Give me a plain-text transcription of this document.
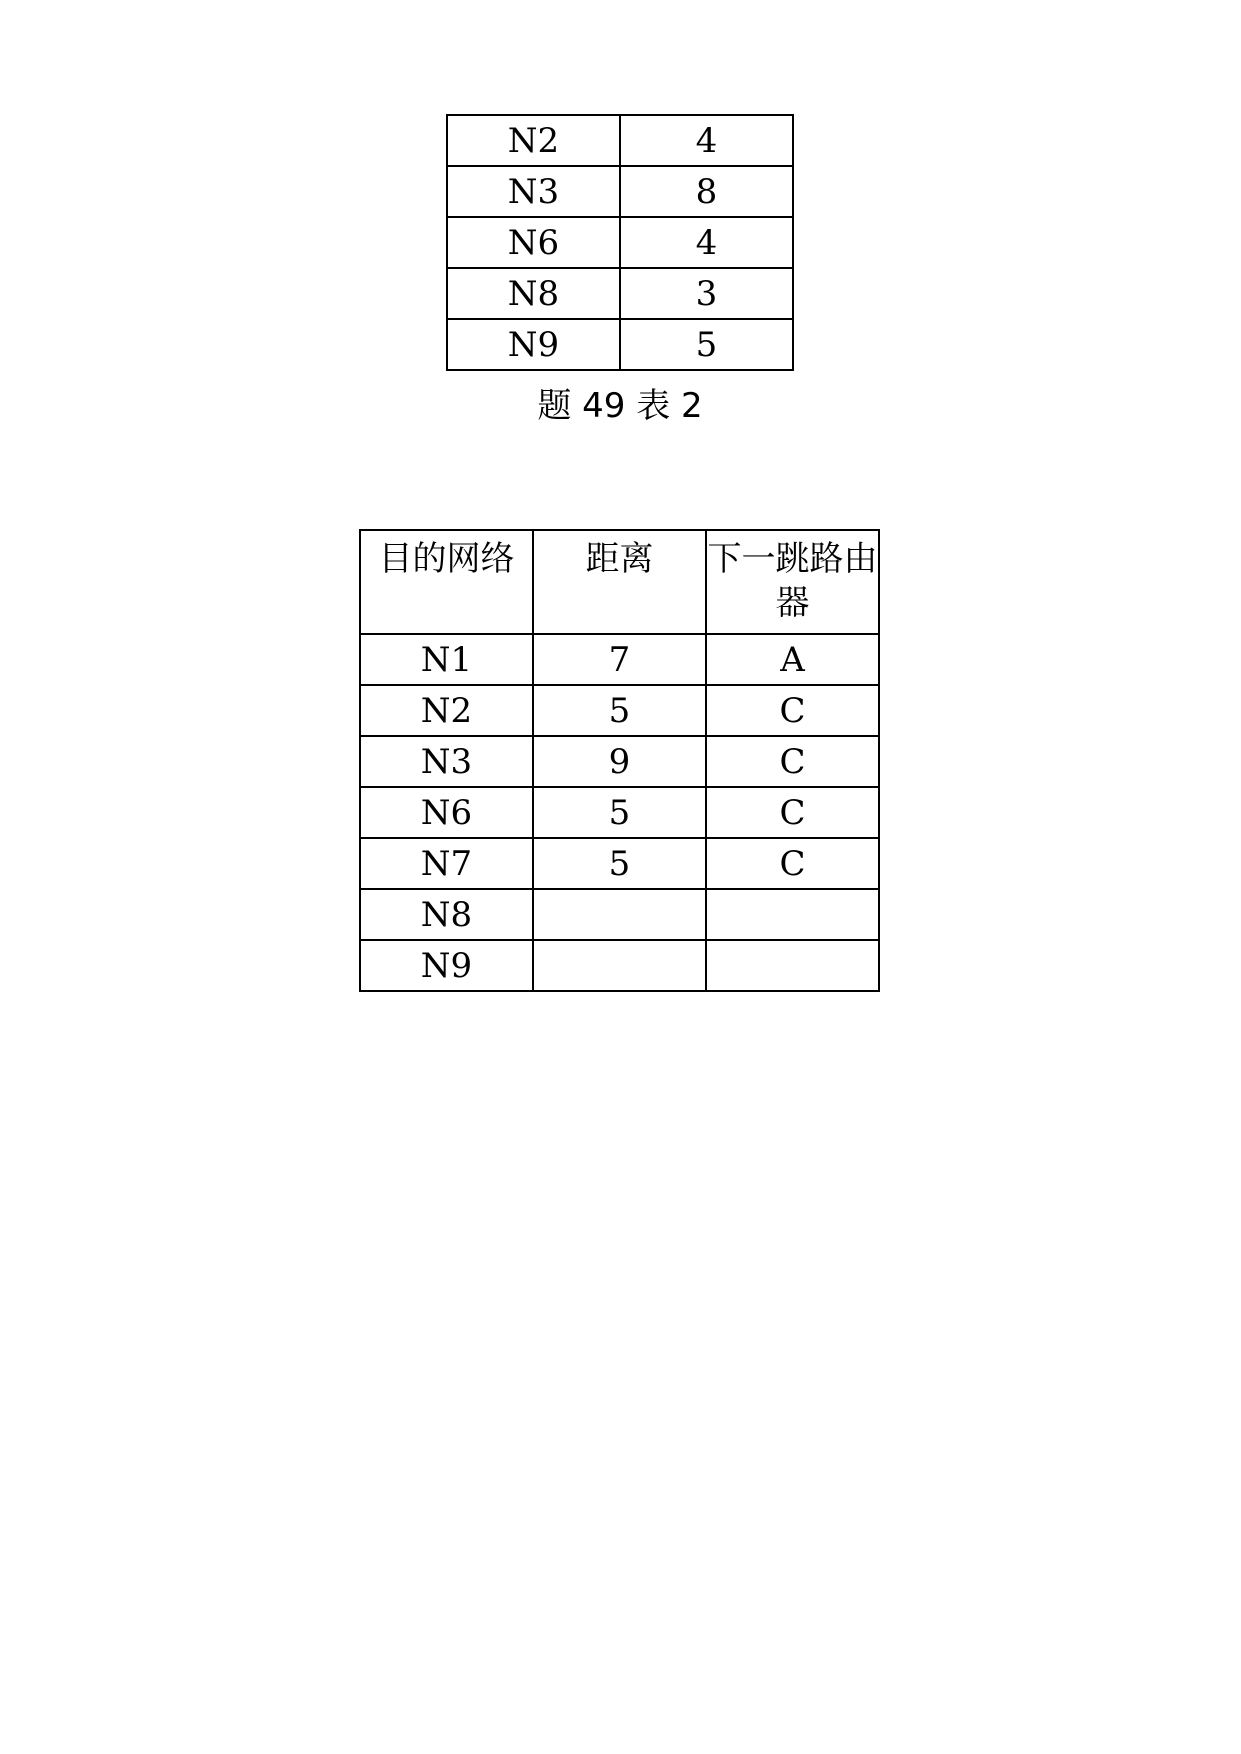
N2	4
N3	8
N6	4
N8	3
N9	5
题 49 表 2
目的网络	距离	下一跳路由器
N1	7	A
N2	5	C
N3	9	C
N6	5	C
N7	5	C
N8		
N9		
